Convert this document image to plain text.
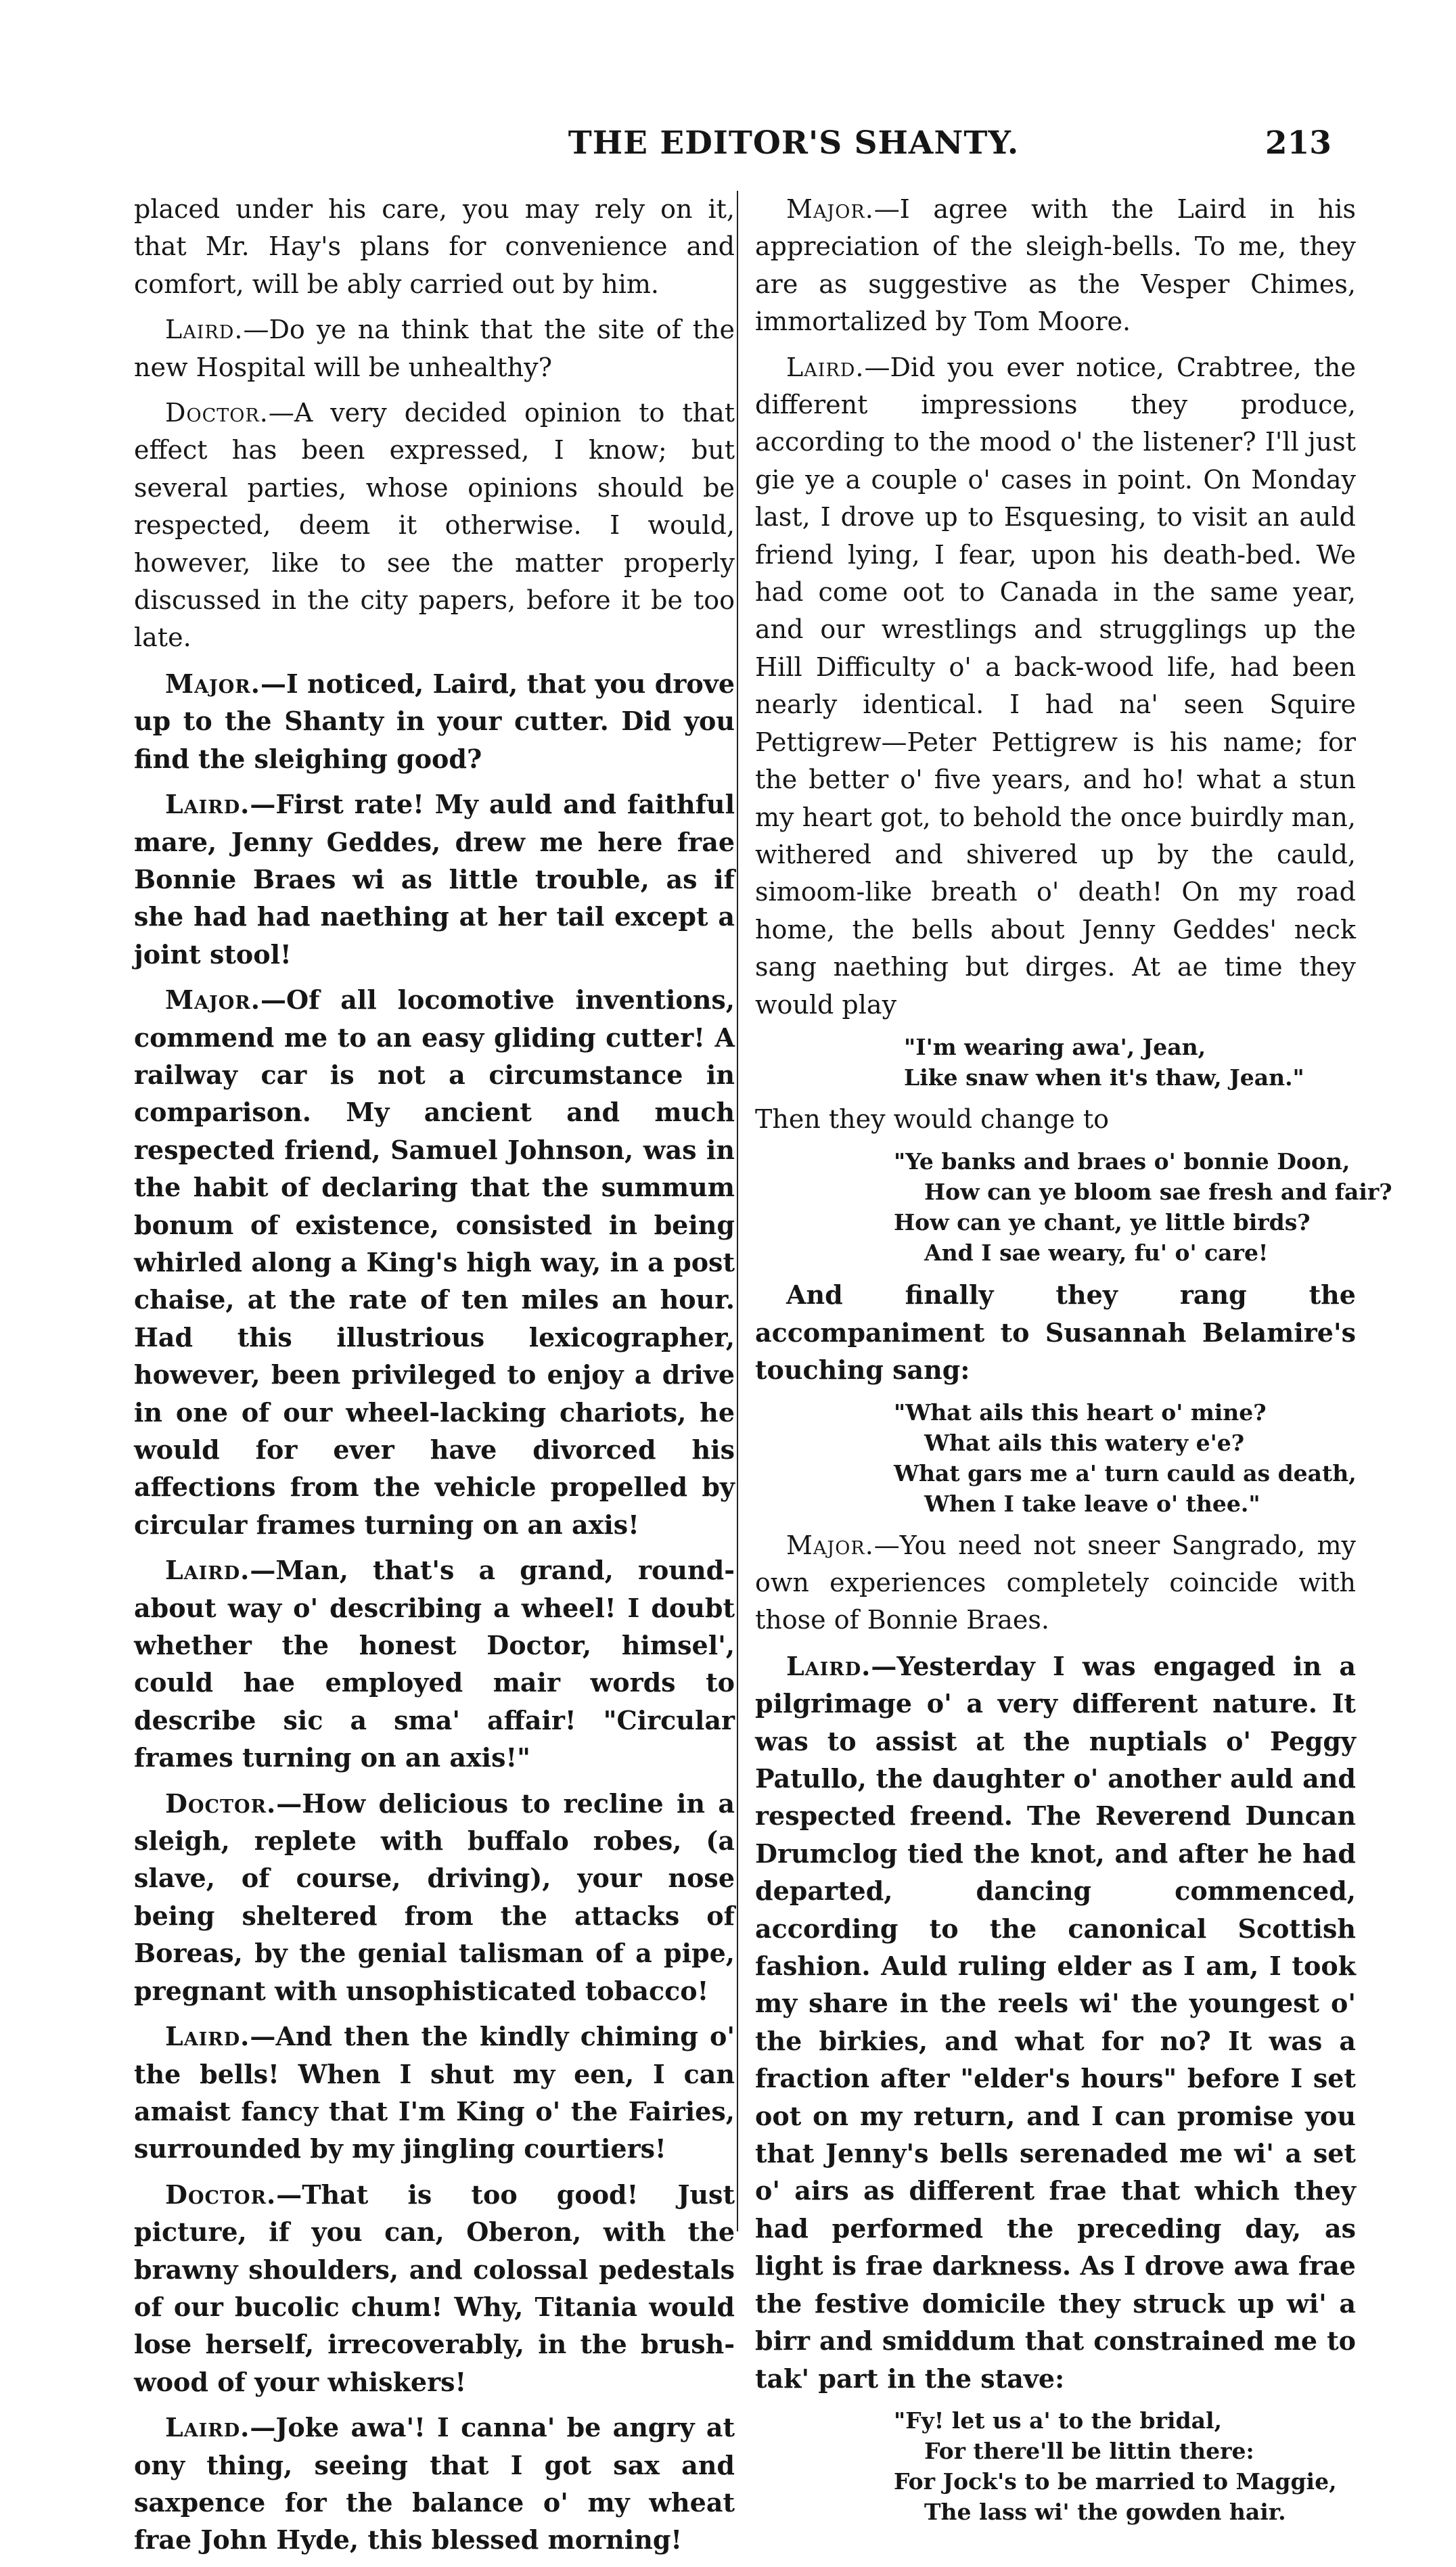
THE EDITOR'S SHANTY.	213

placed under his care, you may rely on it, that Mr. Hay's plans for convenience and comfort, will be ably carried out by him.

Laird.—Do ye na think that the site of the new Hospital will be unhealthy?

Doctor.—A very decided opinion to that effect has been expressed, I know; but several parties, whose opinions should be respected, deem it otherwise. I would, however, like to see the matter properly discussed in the city papers, before it be too late.

Major.—I noticed, Laird, that you drove up to the Shanty in your cutter. Did you find the sleighing good?

Laird.—First rate! My auld and faithful mare, Jenny Geddes, drew me here frae Bonnie Braes wi as little trouble, as if she had had naething at her tail except a joint stool!

Major.—Of all locomotive inventions, commend me to an easy gliding cutter! A railway car is not a circumstance in comparison. My ancient and much respected friend, Samuel Johnson, was in the habit of declaring that the summum bonum of existence, consisted in being whirled along a King's high way, in a post chaise, at the rate of ten miles an hour. Had this illustrious lexicographer, however, been privileged to enjoy a drive in one of our wheel-lacking chariots, he would for ever have divorced his affections from the vehicle propelled by circular frames turning on an axis!

Laird.—Man, that's a grand, round-about way o' describing a wheel! I doubt whether the honest Doctor, himsel', could hae employed mair words to describe sic a sma' affair! "Circular frames turning on an axis!"

Doctor.—How delicious to recline in a sleigh, replete with buffalo robes, (a slave, of course, driving), your nose being sheltered from the attacks of Boreas, by the genial talisman of a pipe, pregnant with unsophisticated tobacco!

Laird.—And then the kindly chiming o' the bells! When I shut my een, I can amaist fancy that I'm King o' the Fairies, surrounded by my jingling courtiers!

Doctor.—That is too good! Just picture, if you can, Oberon, with the brawny shoulders, and colossal pedestals of our bucolic chum! Why, Titania would lose herself, irrecoverably, in the brush-wood of your whiskers!

Laird.—Joke awa'! I canna' be angry at ony thing, seeing that I got sax and saxpence for the balance o' my wheat frae John Hyde, this blessed morning!

Major.—I agree with the Laird in his appreciation of the sleigh-bells. To me, they are as suggestive as the Vesper Chimes, immortalized by Tom Moore.

Laird.—Did you ever notice, Crabtree, the different impressions they produce, according to the mood o' the listener? I'll just gie ye a couple o' cases in point. On Monday last, I drove up to Esquesing, to visit an auld friend lying, I fear, upon his death-bed. We had come oot to Canada in the same year, and our wrestlings and strugglings up the Hill Difficulty o' a back-wood life, had been nearly identical. I had na' seen Squire Pettigrew—Peter Pettigrew is his name; for the better o' five years, and ho! what a stun my heart got, to behold the once buirdly man, withered and shivered up by the cauld, simoom-like breath o' death! On my road home, the bells about Jenny Geddes' neck sang naething but dirges. At ae time they would play

"I'm wearing awa', Jean,
Like snaw when it's thaw, Jean."

Then they would change to

"Ye banks and braes o' bonnie Doon,
How can ye bloom sae fresh and fair?
How can ye chant, ye little birds?
And I sae weary, fu' o' care!

And finally they rang the accompaniment to Susannah Belamire's touching sang:

"What ails this heart o' mine?
What ails this watery e'e?
What gars me a' turn cauld as death,
When I take leave o' thee."

Major.—You need not sneer Sangrado, my own experiences completely coincide with those of Bonnie Braes.

Laird.—Yesterday I was engaged in a pilgrimage o' a very different nature. It was to assist at the nuptials o' Peggy Patullo, the daughter o' another auld and respected freend. The Reverend Duncan Drumclog tied the knot, and after he had departed, dancing commenced, according to the canonical Scottish fashion. Auld ruling elder as I am, I took my share in the reels wi' the youngest o' the birkies, and what for no? It was a fraction after "elder's hours" before I set oot on my return, and I can promise you that Jenny's bells serenaded me wi' a set o' airs as different frae that which they had performed the preceding day, as light is frae darkness. As I drove awa frae the festive domicile they struck up wi' a birr and smiddum that constrained me to tak' part in the stave:

"Fy! let us a' to the bridal,
For there'll be littin there:
For Jock's to be married to Maggie,
The lass wi' the gowden hair.
